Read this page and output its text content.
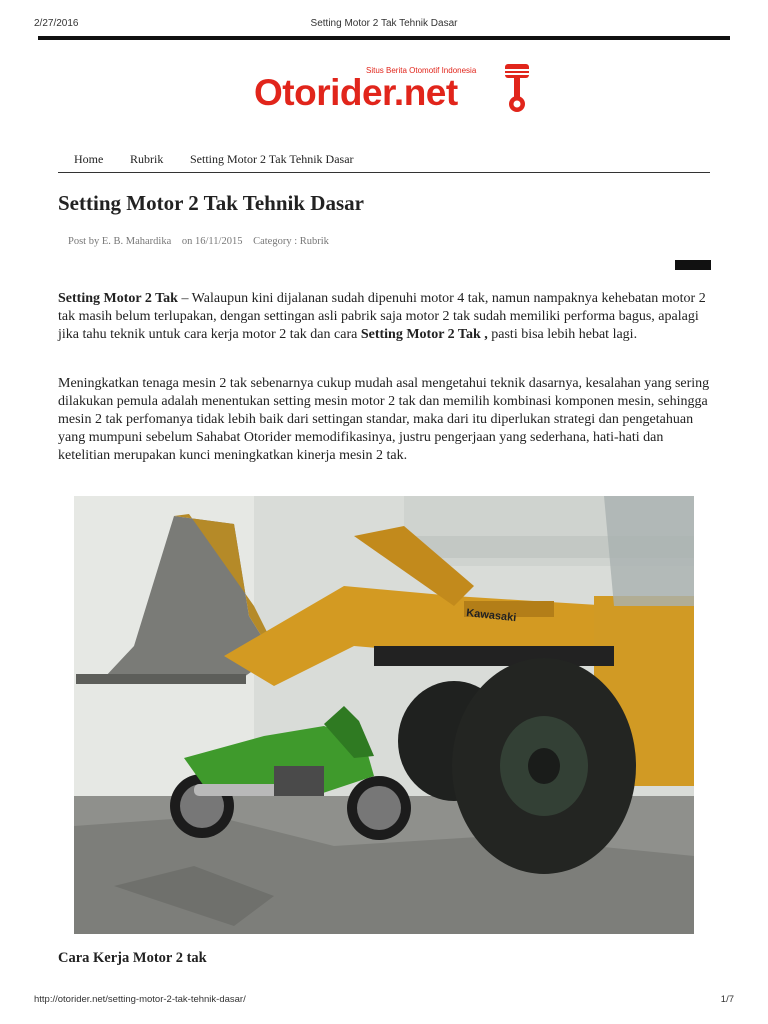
2/27/2016	Setting Motor 2 Tak Tehnik Dasar
Situs Berita Otomotif Indonesia
Otorider.net
Home Rubrik Setting Motor 2 Tak Tehnik Dasar
Setting Motor 2 Tak Tehnik Dasar
Post by E. B. Mahardika on 16/11/2015 Category : Rubrik

Setting Motor 2 Tak – Walaupun kini dijalanan sudah dipenuhi motor 4 tak, namun nampaknya kehebatan motor 2 tak masih belum terlupakan, dengan settingan asli pabrik saja motor 2 tak sudah memiliki performa bagus, apalagi jika tahu teknik untuk cara kerja motor 2 tak dan cara Setting Motor 2 Tak , pasti bisa lebih hebat lagi.

Meningkatkan tenaga mesin 2 tak sebenarnya cukup mudah asal mengetahui teknik dasarnya, kesalahan yang sering dilakukan pemula adalah menentukan setting mesin motor 2 tak dan memilih kombinasi komponen mesin, sehingga mesin 2 tak perfomanya tidak lebih baik dari settingan standar, maka dari itu diperlukan strategi dan pengetahuan yang mumpuni sebelum Sahabat Otorider memodifikasinya, justru pengerjaan yang sederhana, hati-hati dan ketelitian merupakan kunci meningkatkan kinerja mesin 2 tak.

Kawasaki
Cara Kerja Motor 2 tak
http://otorider.net/setting-motor-2-tak-tehnik-dasar/	1/7
